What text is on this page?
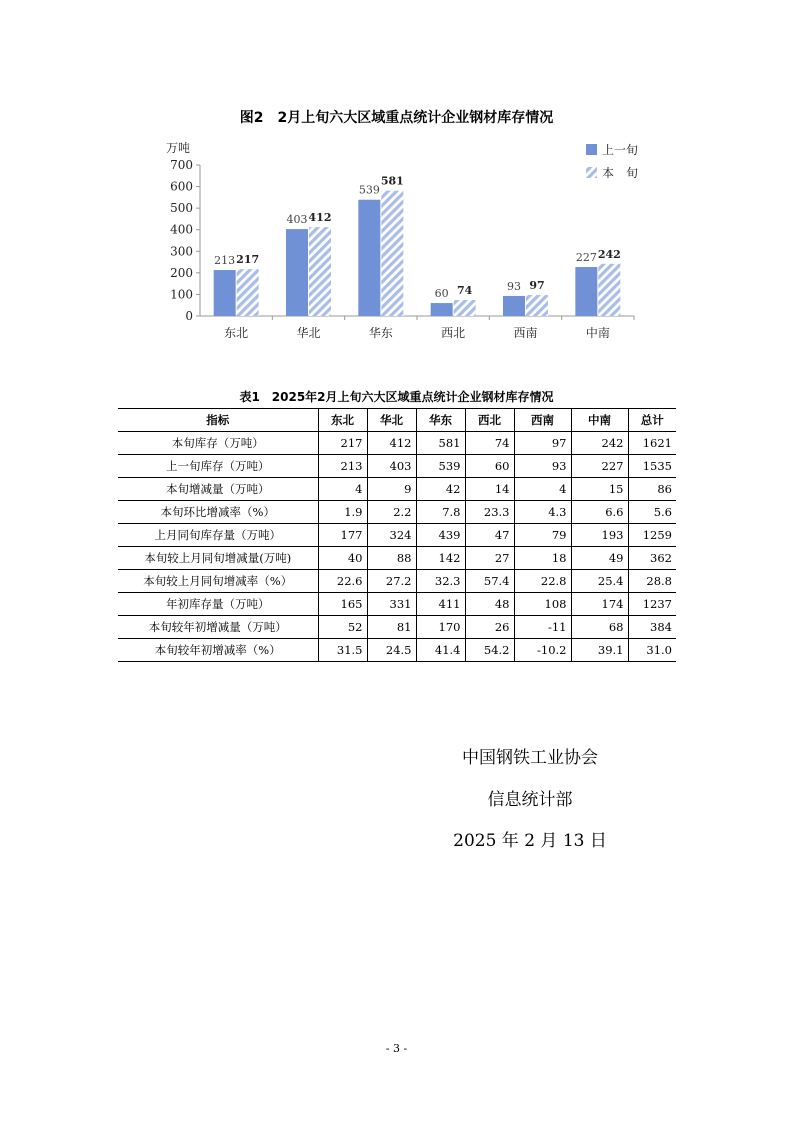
图2　2月上旬六大区域重点统计企业钢材库存情况
0
100
200
300
400
500
600
700
万吨
213 217
东北
403 412
华北
539
581
华东
60 74
西北
93 97
西南
227 242
中南
上一旬
本　旬
表1　2025年2月上旬六大区域重点统计企业钢材库存情况
指标	东北	华北	华东	西北	西南	中南	总计
本旬库存（万吨）	217	412	581	74	97	242	1621
上一旬库存（万吨）	213	403	539	60	93	227	1535
本旬增减量（万吨）	4	9	42	14	4	15	86
本旬环比增减率（%）	1.9	2.2	7.8	23.3	4.3	6.6	5.6
上月同旬库存量（万吨）	177	324	439	47	79	193	1259
本旬较上月同旬增减量(万吨)	40	88	142	27	18	49	362
本旬较上月同旬增减率（%）	22.6	27.2	32.3	57.4	22.8	25.4	28.8
年初库存量（万吨）	165	331	411	48	108	174	1237
本旬较年初增减量（万吨）	52	81	170	26	-11	68	384
本旬较年初增减率（%）	31.5	24.5	41.4	54.2	-10.2	39.1	31.0
中国钢铁工业协会
信息统计部
2025 年 2 月 13 日
- 3 -
